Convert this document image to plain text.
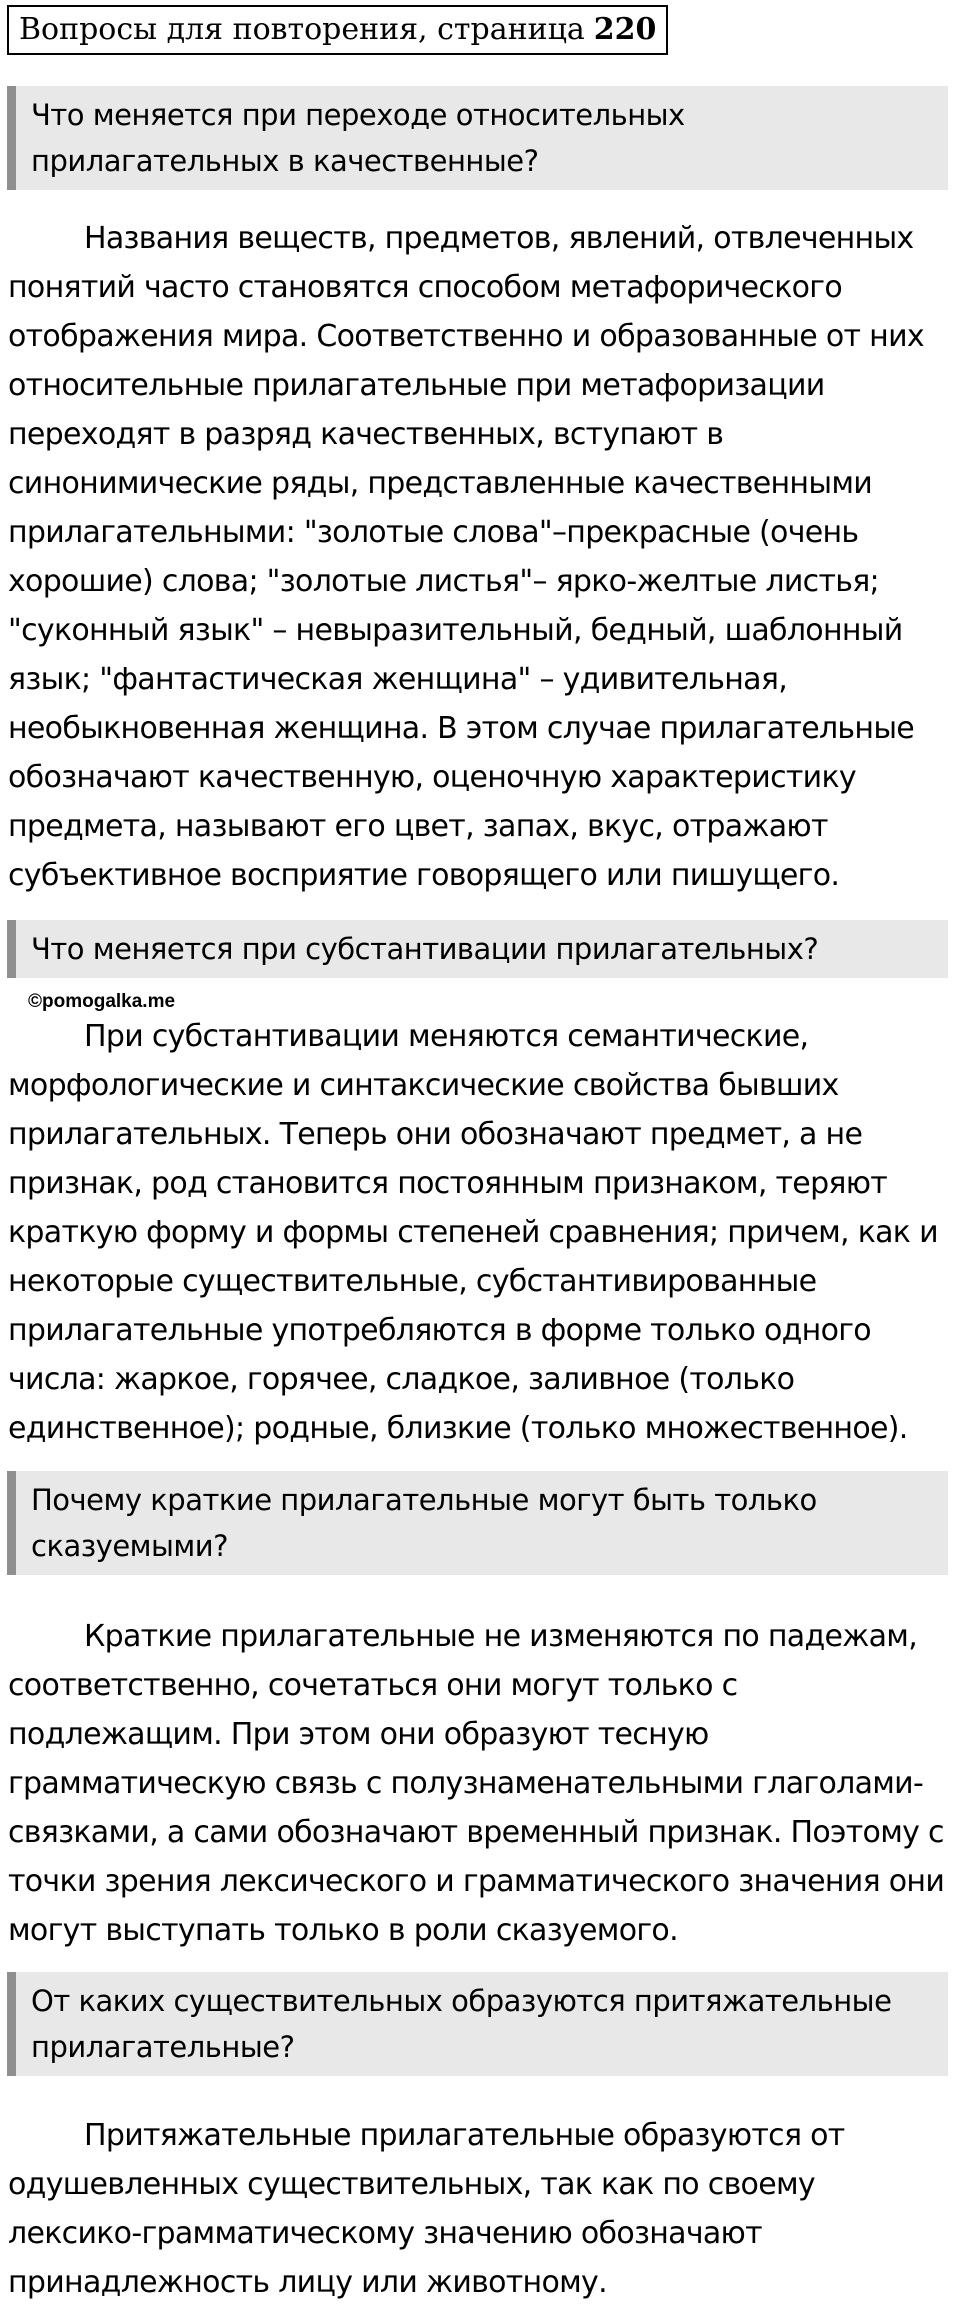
Вопросы для повторения, страница 220
Что меняется при переходе относительных прилагательных в качественные?

Названия веществ, предметов, явлений, отвлеченных понятий часто становятся способом метафорического отображения мира. Соответственно и образованные от них относительные прилагательные при метафоризации переходят в разряд качественных, вступают в синонимические ряды, представленные качественными прилагательными: "золотые слова"–прекрасные (очень хорошие) слова; "золотые листья"– ярко-желтые листья; "суконный язык" – невыразительный, бедный, шаблонный язык; "фантастическая женщина" – удивительная, необыкновенная женщина. В этом случае прилагательные обозначают качественную, оценочную характеристику предмета, называют его цвет, запах, вкус, отражают субъективное восприятие говорящего или пишущего.

Что меняется при субстантивации прилагательных?
©pomogalka.me

При субстантивации меняются семантические, морфологические и синтаксические свойства бывших прилагательных. Теперь они обозначают предмет, а не признак, род становится постоянным признаком, теряют краткую форму и формы степеней сравнения; причем, как и некоторые существительные, субстантивированные прилагательные употребляются в форме только одного числа: жаркое, горячее, сладкое, заливное (только единственное); родные, близкие (только множественное).

Почему краткие прилагательные могут быть только сказуемыми?

Краткие прилагательные не изменяются по падежам, соответственно, сочетаться они могут только с подлежащим. При этом они образуют тесную грамматическую связь с полузнаменательными глаголами-связками, а сами обозначают временный признак. Поэтому с точки зрения лексического и грамматического значения они могут выступать только в роли сказуемого.

От каких существительных образуются притяжательные прилагательные?

Притяжательные прилагательные образуются от одушевленных существительных, так как по своему лексико-грамматическому значению обозначают принадлежность лицу или животному.
